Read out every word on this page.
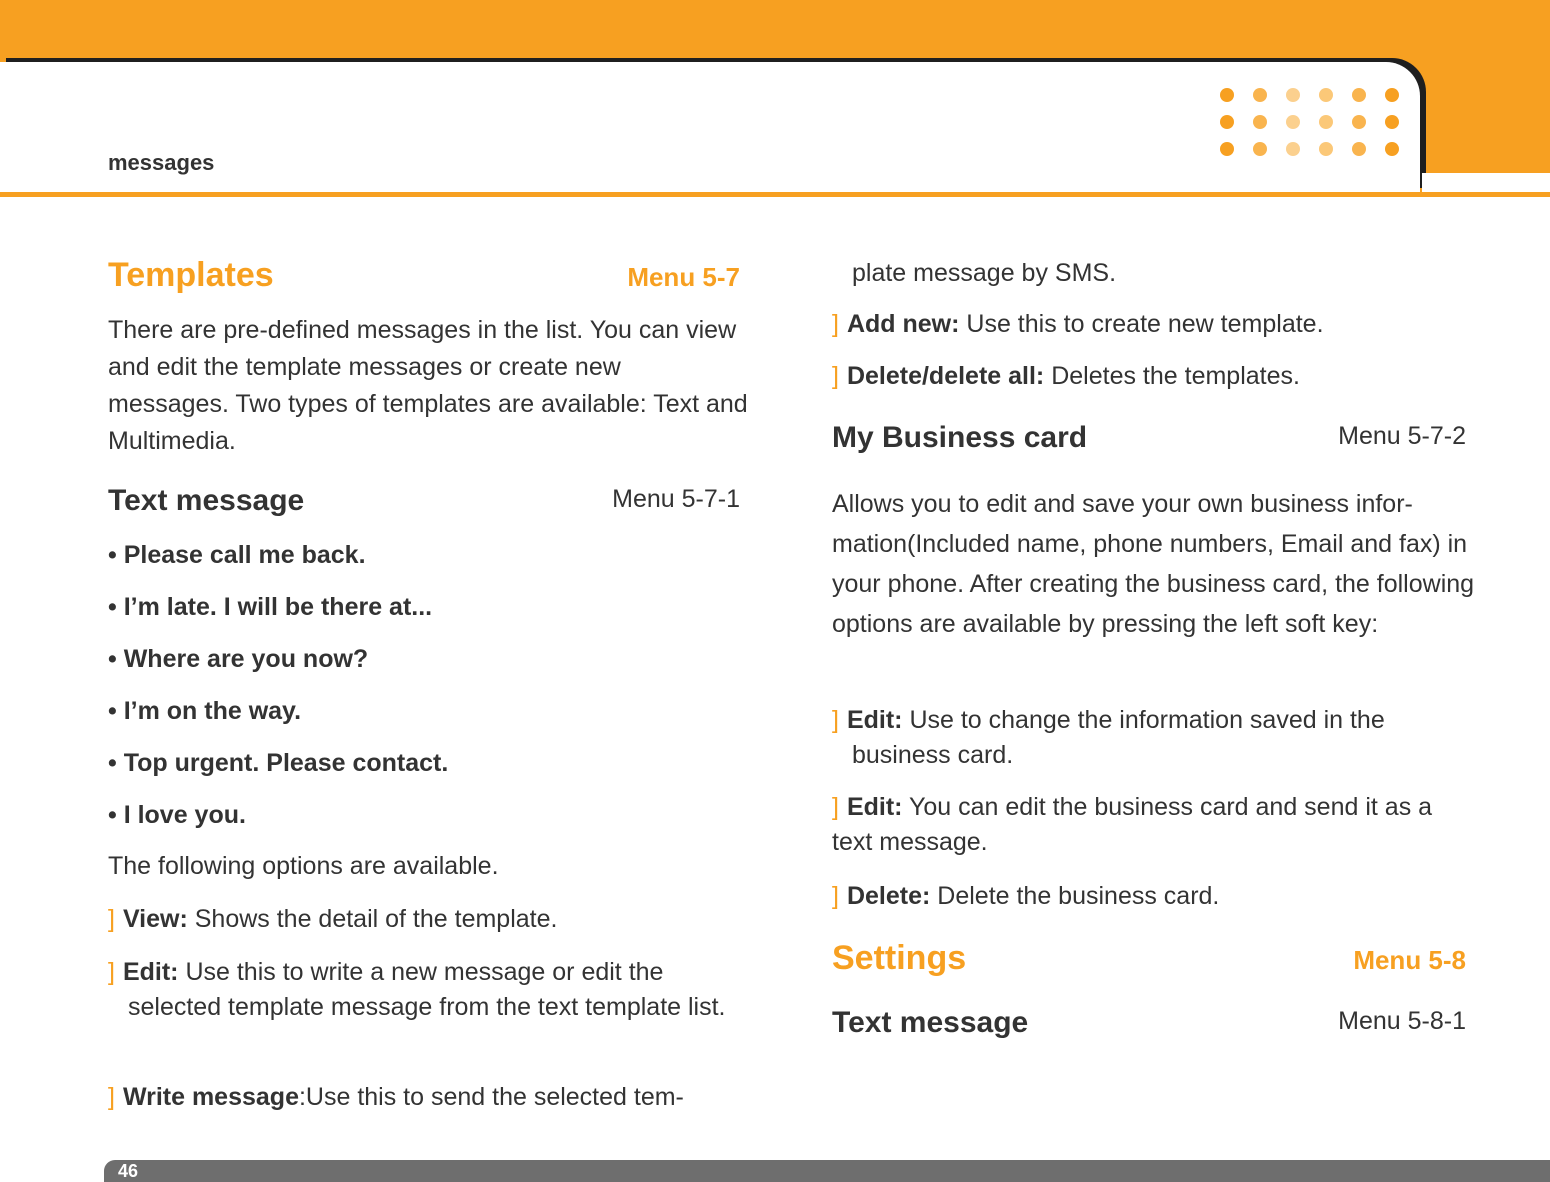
messages
Templates	Menu 5-7
There are pre-defined messages in the list. You can view and edit the template messages or create new messages. Two types of templates are available: Text and Multimedia.
Text message	Menu 5-7-1
• Please call me back.
• I’m late. I will be there at...
• Where are you now?
• I’m on the way.
• Top urgent. Please contact.
• I love you.
The following options are available.
] View: Shows the detail of the template.
] Edit: Use this to write a new message or edit the selected template message from the text template list.
] Write message:Use this to send the selected tem-
plate message by SMS.
] Add new: Use this to create new template.
] Delete/delete all: Deletes the templates.
My Business card	Menu 5-7-2
Allows you to edit and save your own business infor- mation(Included name, phone numbers, Email and fax) in your phone. After creating the business card, the following options are available by pressing the left soft key:
] Edit: Use to change the information saved in the business card.
] Edit: You can edit the business card and send it as a text message.
] Delete: Delete the business card.
Settings	Menu 5-8
Text message	Menu 5-8-1
46
